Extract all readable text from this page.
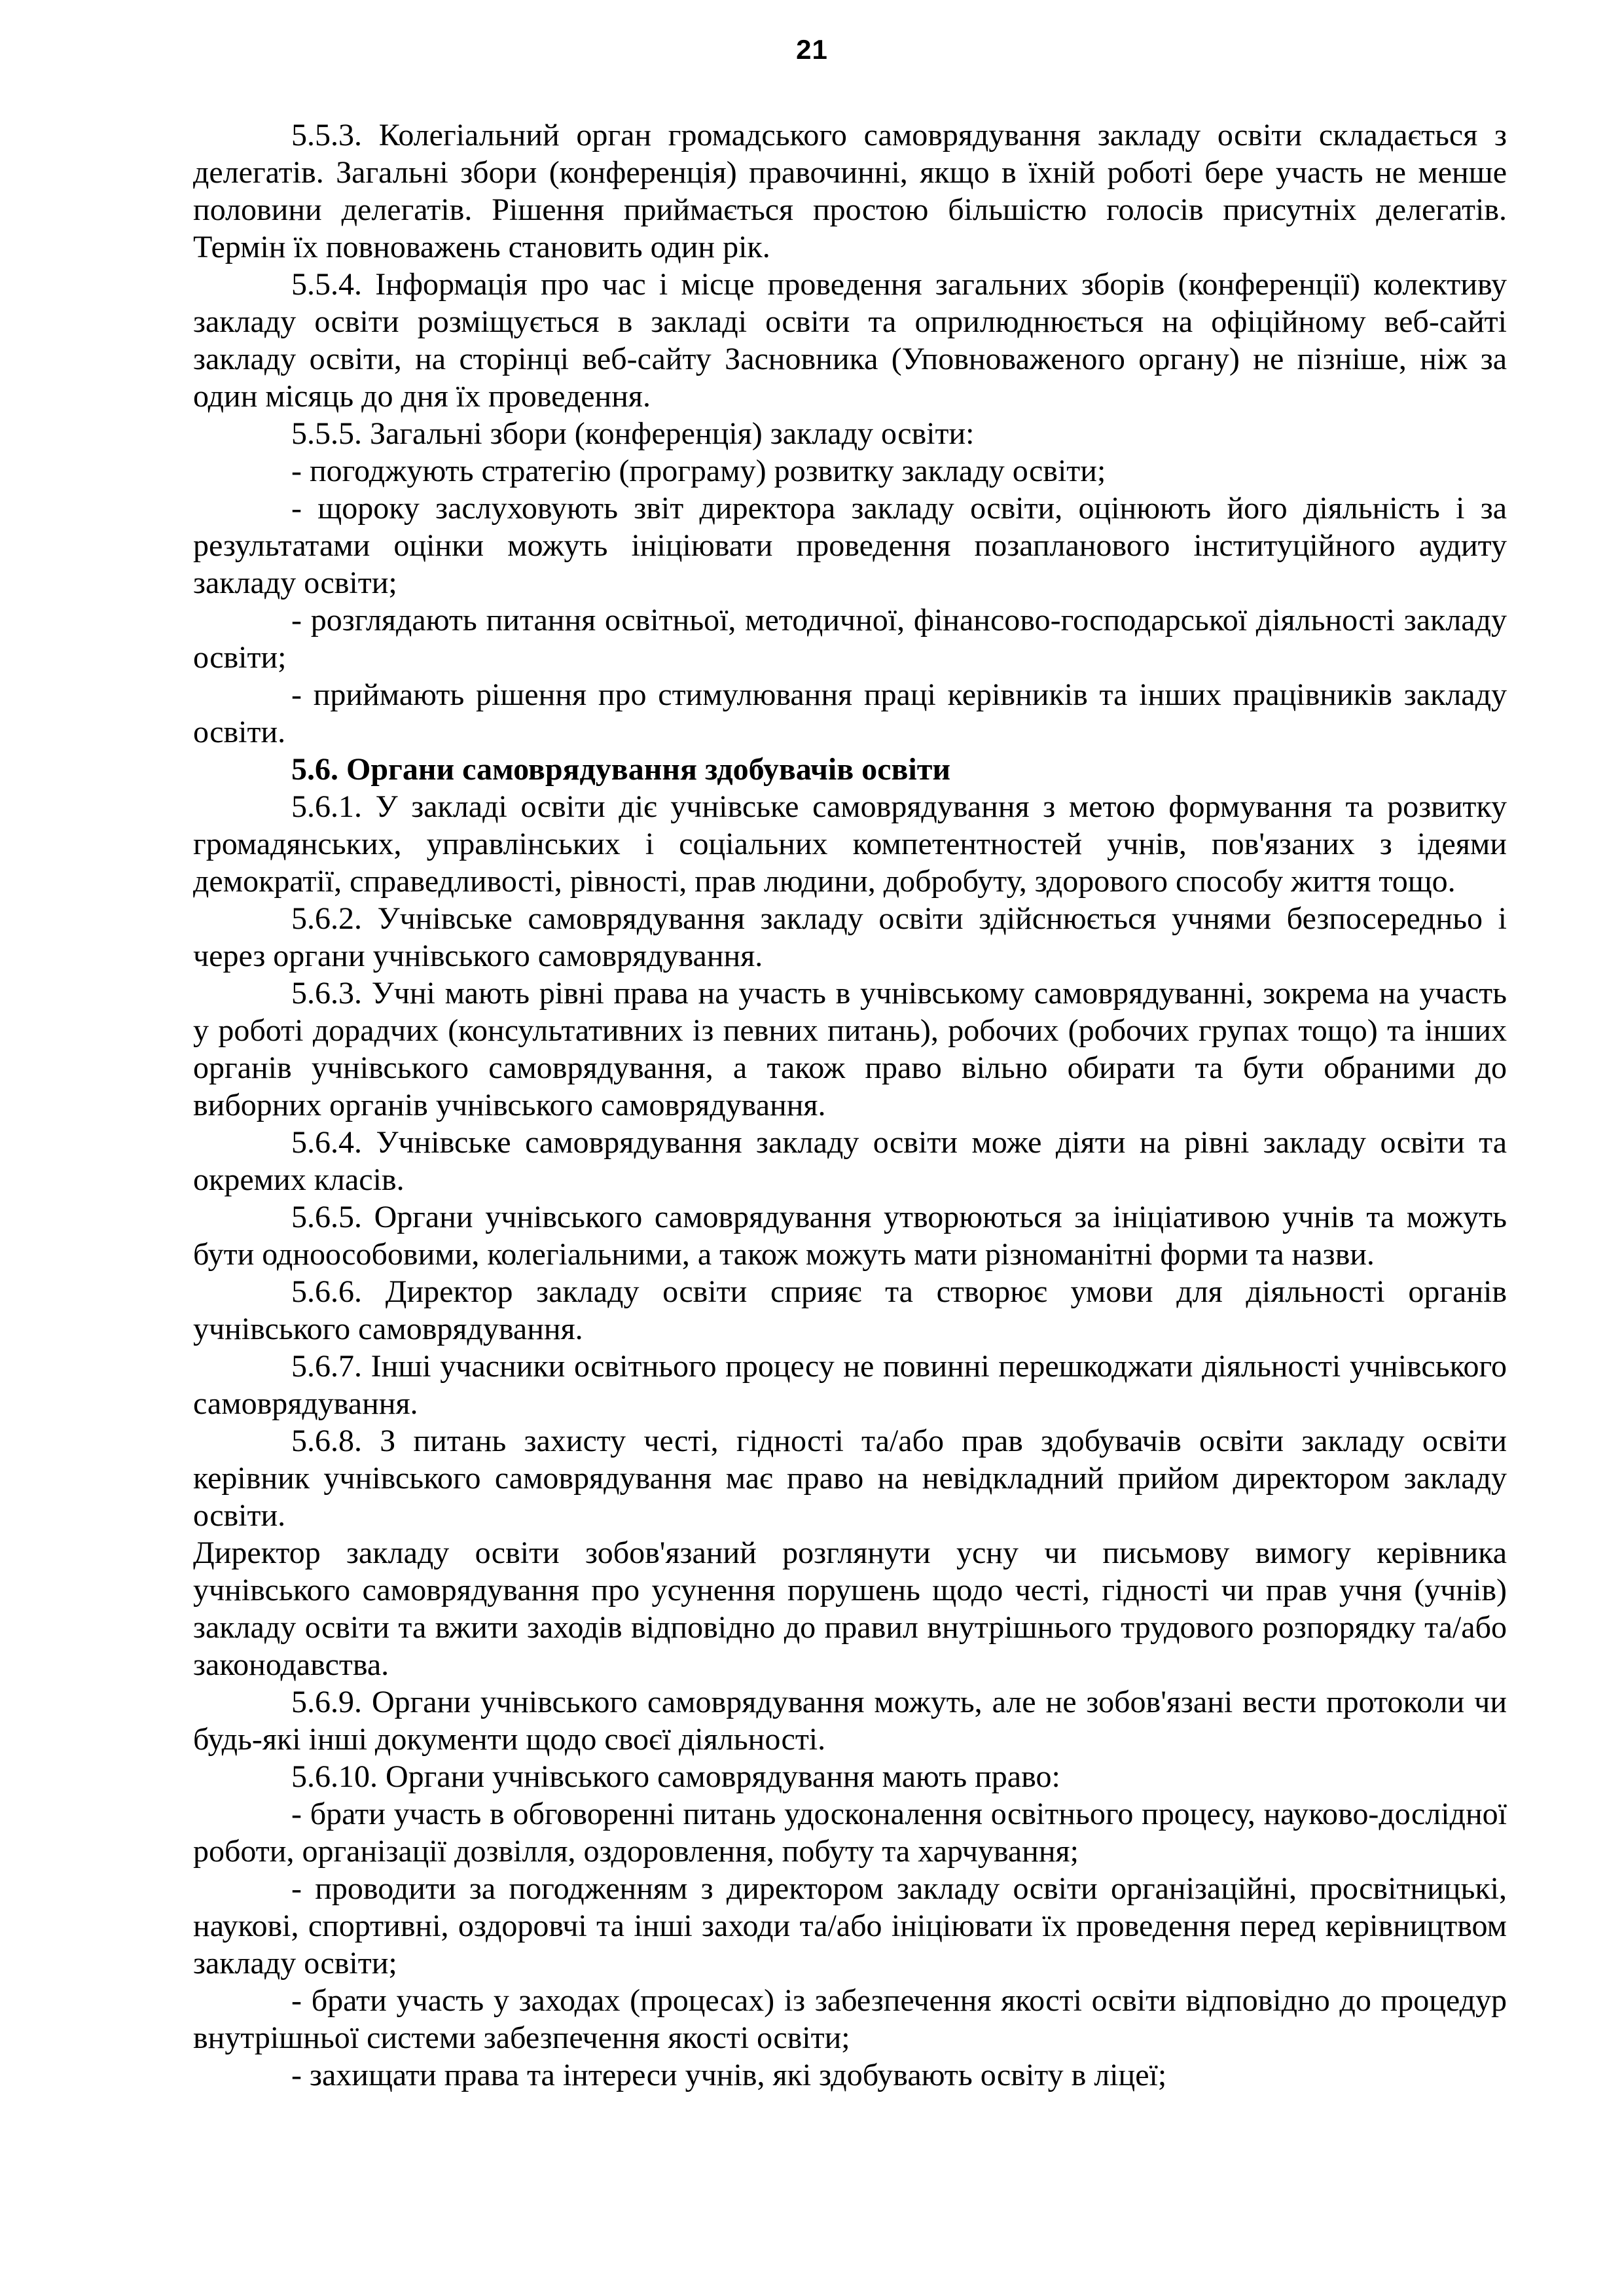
21

5.5.3. Колегіальний орган громадського самоврядування закладу освіти складається з делегатів. Загальні збори (конференція) правочинні, якщо в їхній роботі бере участь не менше половини делегатів. Рішення приймається простою більшістю голосів присутніх делегатів. Термін їх повноважень становить один рік.

5.5.4. Інформація про час і місце проведення загальних зборів (конференції) колективу закладу освіти розміщується в закладі освіти та оприлюднюється на офіційному веб-сайті закладу освіти, на сторінці веб-сайту Засновника (Уповноваженого органу) не пізніше, ніж за один місяць до дня їх проведення.

5.5.5. Загальні збори (конференція) закладу освіти:

- погоджують стратегію (програму) розвитку закладу освіти;

- щороку заслуховують звіт директора закладу освіти, оцінюють його діяльність і за результатами оцінки можуть ініціювати проведення позапланового інституційного аудиту закладу освіти;

- розглядають питання освітньої, методичної, фінансово-господарської діяльності закладу освіти;

- приймають рішення про стимулювання праці керівників та інших працівників закладу освіти.

5.6. Органи самоврядування здобувачів освіти

5.6.1. У закладі освіти діє учнівське самоврядування з метою формування та розвитку громадянських, управлінських і соціальних компетентностей учнів, пов'язаних з ідеями демократії, справедливості, рівності, прав людини, добробуту, здорового способу життя тощо.

5.6.2. Учнівське самоврядування закладу освіти здійснюється учнями безпосередньо і через органи учнівського самоврядування.

5.6.3. Учні мають рівні права на участь в учнівському самоврядуванні, зокрема на участь у роботі дорадчих (консультативних із певних питань), робочих (робочих групах тощо) та інших органів учнівського самоврядування, а також право вільно обирати та бути обраними до виборних органів учнівського самоврядування.

5.6.4. Учнівське самоврядування закладу освіти може діяти на рівні закладу освіти та окремих класів.

5.6.5. Органи учнівського самоврядування утворюються за ініціативою учнів та можуть бути одноособовими, колегіальними, а також можуть мати різноманітні форми та назви.

5.6.6. Директор закладу освіти сприяє та створює умови для діяльності органів учнівського самоврядування.

5.6.7. Інші учасники освітнього процесу не повинні перешкоджати діяльності учнівського самоврядування.

5.6.8. З питань захисту честі, гідності та/або прав здобувачів освіти закладу освіти керівник учнівського самоврядування має право на невідкладний прийом директором закладу освіти.

Директор закладу освіти зобов'язаний розглянути усну чи письмову вимогу керівника учнівського самоврядування про усунення порушень щодо честі, гідності чи прав учня (учнів) закладу освіти та вжити заходів відповідно до правил внутрішнього трудового розпорядку та/або законодавства.

5.6.9. Органи учнівського самоврядування можуть, але не зобов'язані вести протоколи чи будь-які інші документи щодо своєї діяльності.

5.6.10. Органи учнівського самоврядування мають право:

- брати участь в обговоренні питань удосконалення освітнього процесу, науково-дослідної роботи, організації дозвілля, оздоровлення, побуту та харчування;

- проводити за погодженням з директором закладу освіти організаційні, просвітницькі, наукові, спортивні, оздоровчі та інші заходи та/або ініціювати їх проведення перед керівництвом закладу освіти;

- брати участь у заходах (процесах) із забезпечення якості освіти відповідно до процедур внутрішньої системи забезпечення якості освіти;

- захищати права та інтереси учнів, які здобувають освіту в ліцеї;
